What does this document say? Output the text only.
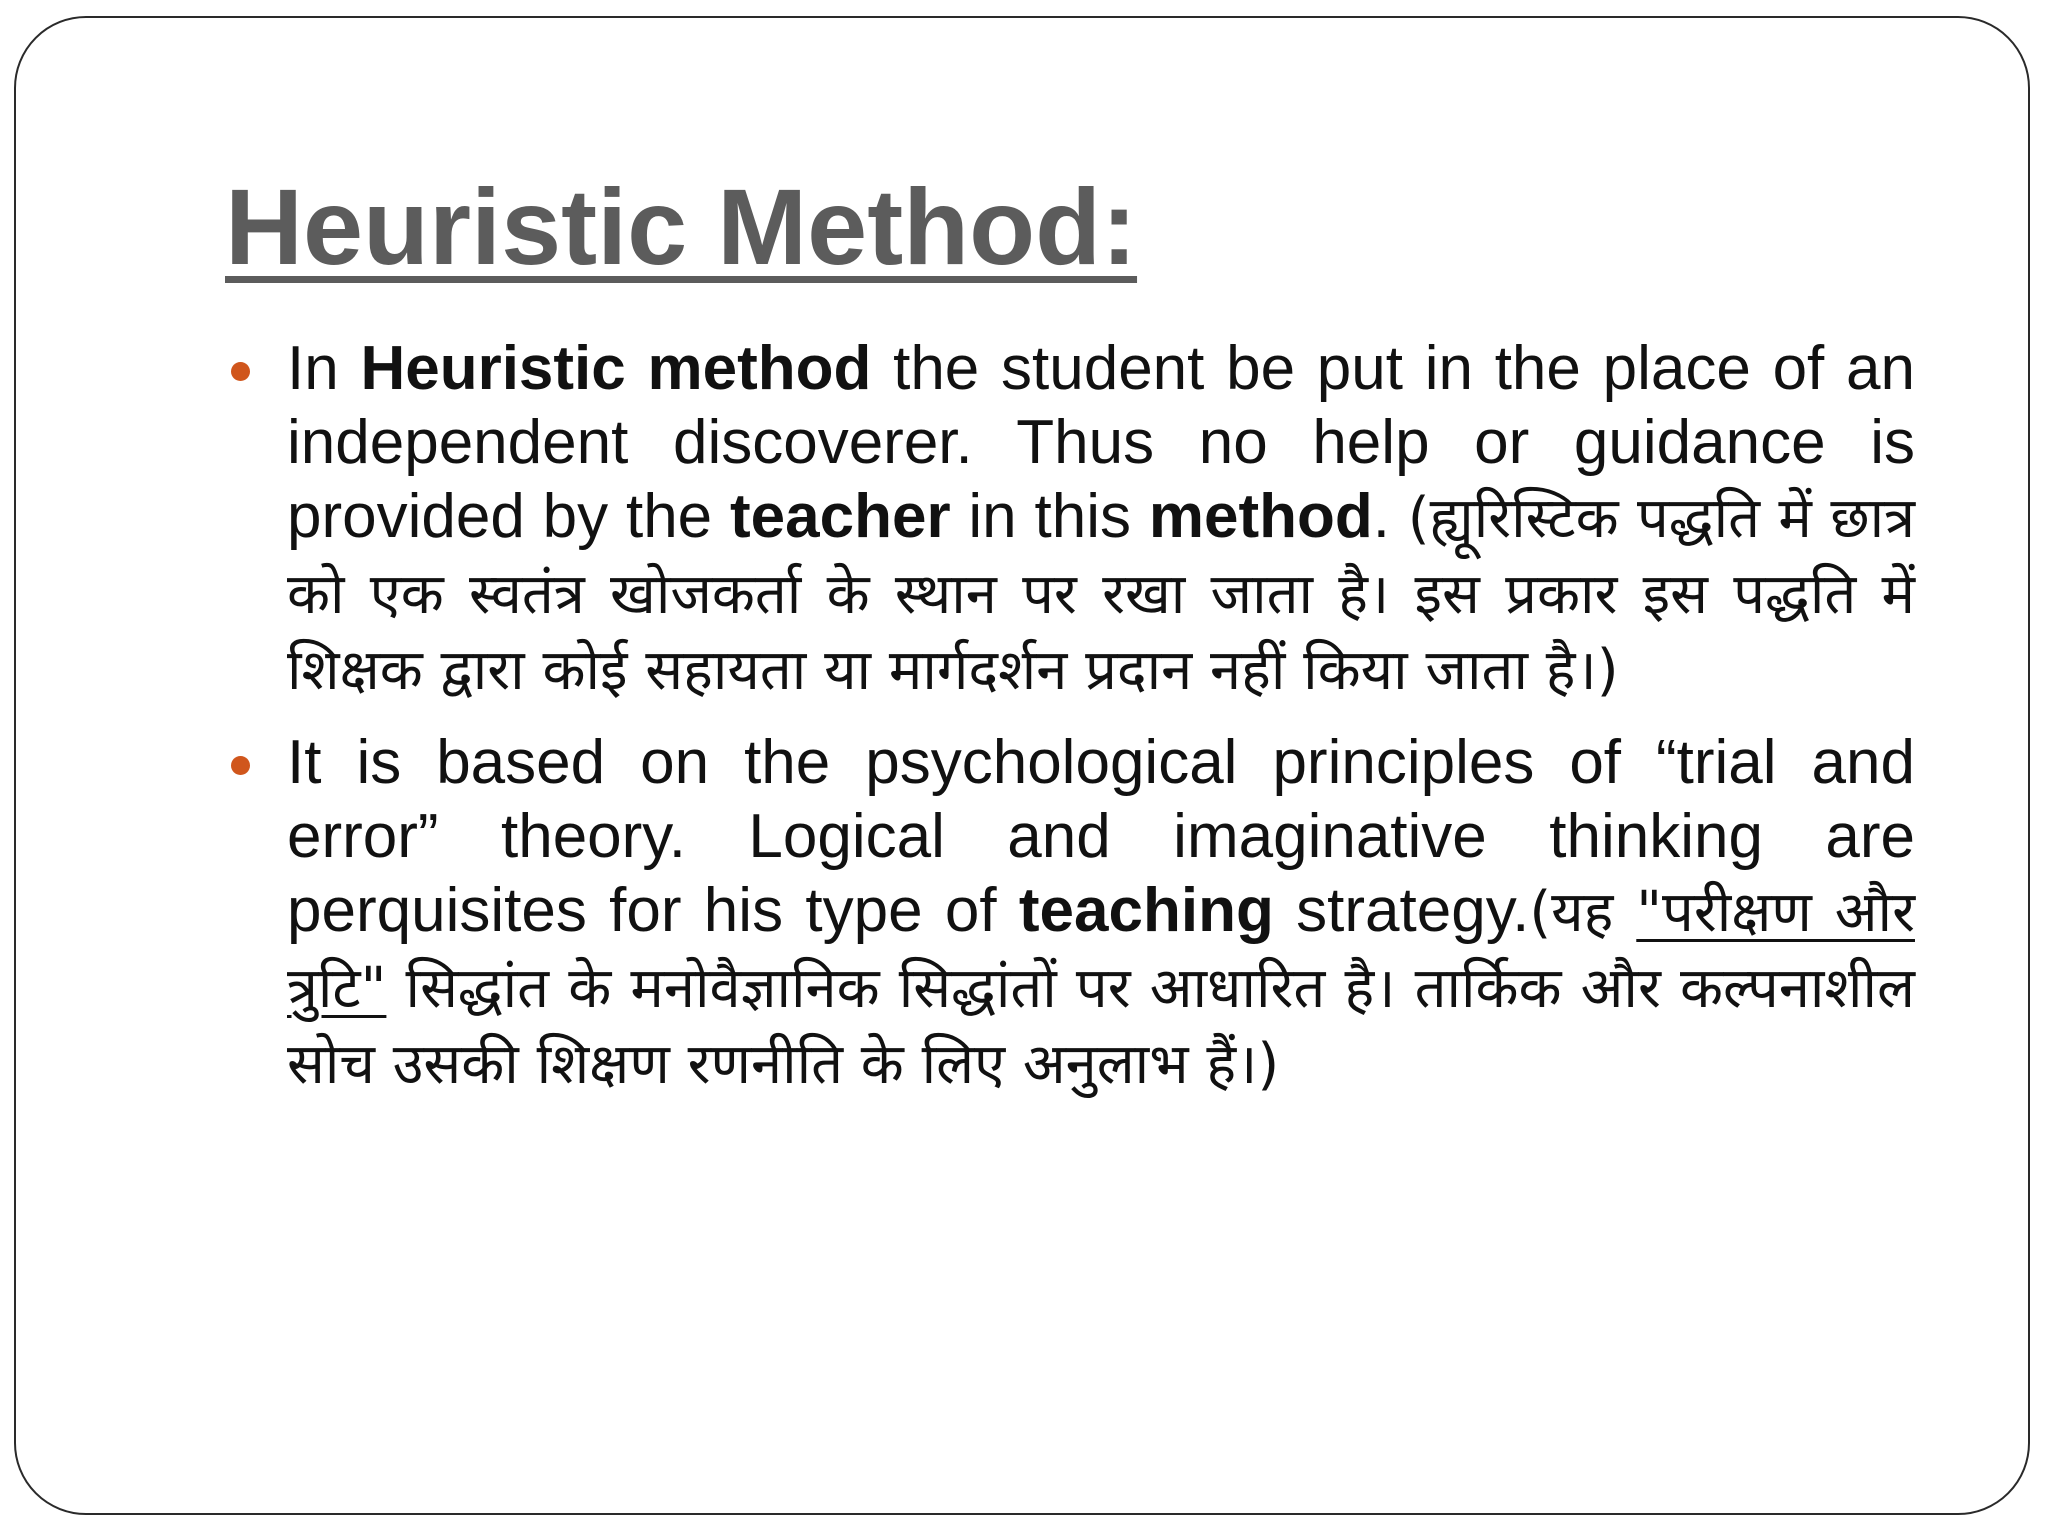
Heuristic Method:

In Heuristic method the student be put in the place of an independent discoverer. Thus no help or guidance is provided by the teacher in this method. (ह्यूरिस्टिक पद्धति में छात्र को एक स्वतंत्र खोजकर्ता के स्थान पर रखा जाता है। इस प्रकार इस पद्धति में शिक्षक द्वारा कोई सहायता या मार्गदर्शन प्रदान नहीं किया जाता है।)

It is based on the psychological principles of “trial and error” theory. Logical and imaginative thinking are perquisites for his type of teaching strategy.(यह "परीक्षण और त्रुटि" सिद्धांत के मनोवैज्ञानिक सिद्धांतों पर आधारित है। तार्किक और कल्पनाशील सोच उसकी शिक्षण रणनीति के लिए अनुलाभ हैं।)
